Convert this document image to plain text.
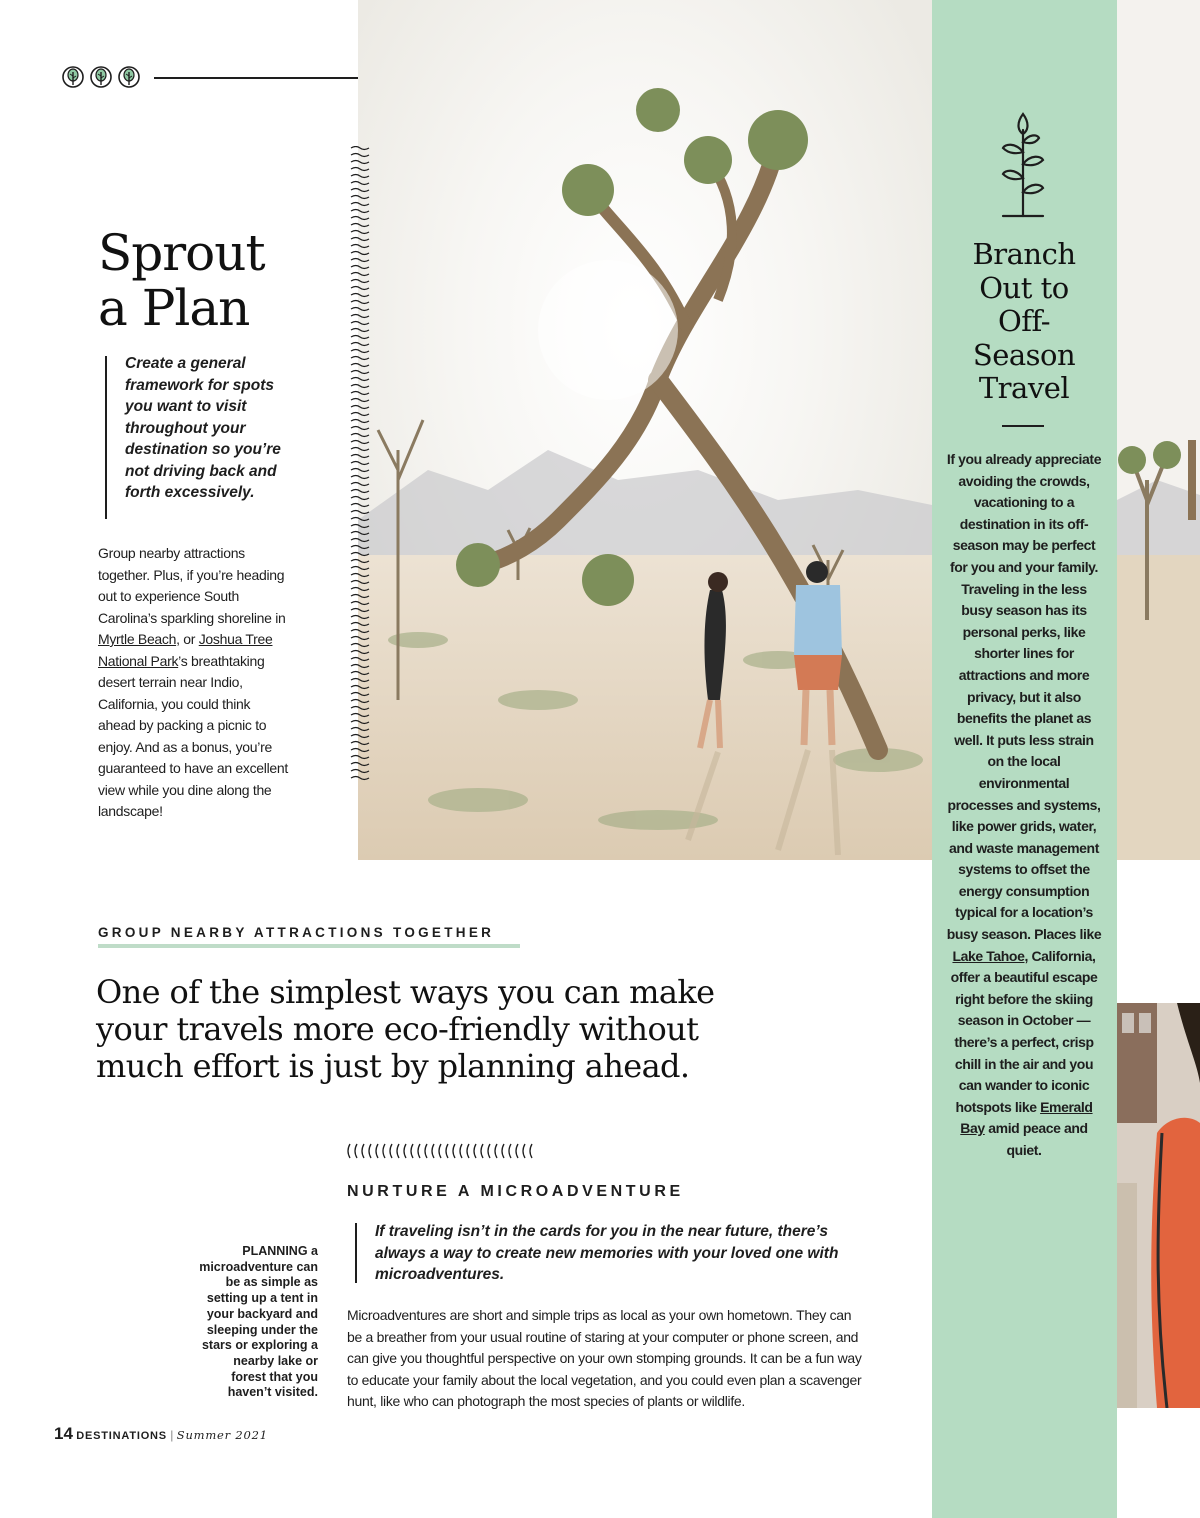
Sprout
a Plan
Create a general framework for spots you want to visit throughout your destination so you’re not driving back and forth excessively.
Group nearby attractions together. Plus, if you’re heading out to experience South Carolina’s sparkling shoreline in Myrtle Beach, or Joshua Tree National Park’s breathtaking desert terrain near Indio, California, you could think ahead by packing a picnic to enjoy. And as a bonus, you’re guaranteed to have an excellent view while you dine along the landscape!
GROUP NEARBY ATTRACTIONS TOGETHER
One of the simplest ways you can make
your travels more eco-friendly without
much effort is just by planning ahead.
NURTURE A MICROADVENTURE
If traveling isn’t in the cards for you in the near future, there’s always a way to create new memories with your loved one with microadventures.
Microadventures are short and simple trips as local as your own hometown. They can be a breather from your usual routine of staring at your computer or phone screen, and can give you thoughtful perspective on your own stomping grounds. It can be a fun way to educate your family about the local vegetation, and you could even plan a scavenger hunt, like who can photograph the most species of plants or wildlife.
PLANNING a microadventure can be as simple as setting up a tent in your backyard and sleeping under the stars or exploring a nearby lake or forest that you haven’t visited.
14 DESTINATIONS | Summer 2021
Branch
Out to
Off-
Season
Travel
If you already appreciate avoiding the crowds, vacationing to a destination in its off-season may be perfect for you and your family. Traveling in the less busy season has its personal perks, like shorter lines for attractions and more privacy, but it also benefits the planet as well. It puts less strain on the local environmental processes and systems, like power grids, water, and waste management systems to offset the energy consumption typical for a location’s busy season. Places like Lake Tahoe, California, offer a beautiful escape right before the skiing season in October — there’s a perfect, crisp chill in the air and you can wander to iconic hotspots like Emerald Bay amid peace and quiet.
